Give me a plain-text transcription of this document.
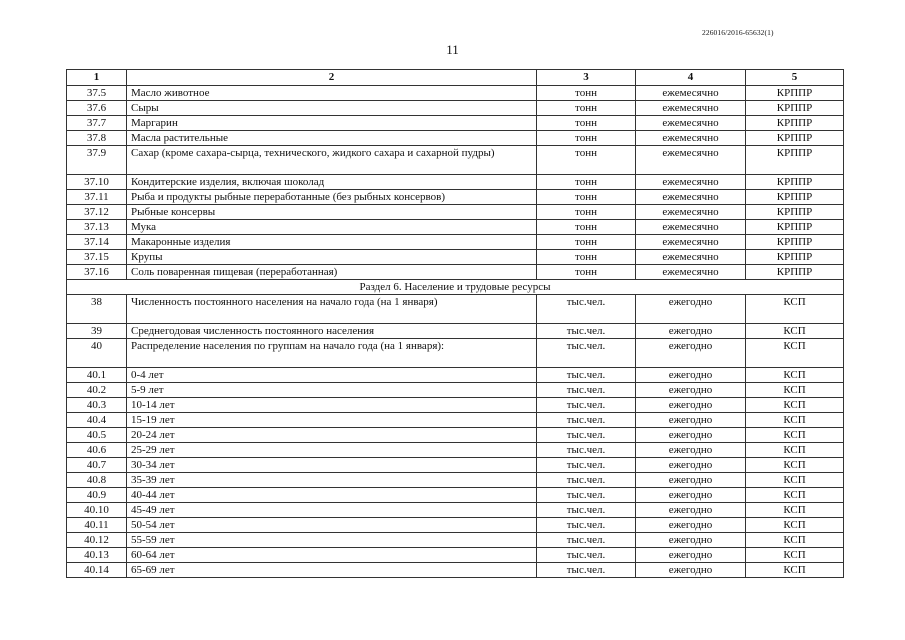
226016/2016-65632(1)
11
1	2	3	4	5
37.5	Масло животное	тонн	ежемесячно	КРППР
37.6	Сыры	тонн	ежемесячно	КРППР
37.7	Маргарин	тонн	ежемесячно	КРППР
37.8	Масла растительные	тонн	ежемесячно	КРППР
37.9	Сахар (кроме сахара-сырца, технического, жидкого сахара и сахарной пудры)	тонн	ежемесячно	КРППР
37.10	Кондитерские изделия, включая шоколад	тонн	ежемесячно	КРППР
37.11	Рыба и продукты рыбные переработанные (без рыбных консервов)	тонн	ежемесячно	КРППР
37.12	Рыбные консервы	тонн	ежемесячно	КРППР
37.13	Мука	тонн	ежемесячно	КРППР
37.14	Макаронные изделия	тонн	ежемесячно	КРППР
37.15	Крупы	тонн	ежемесячно	КРППР
37.16	Соль поваренная пищевая (переработанная)	тонн	ежемесячно	КРППР
Раздел 6. Население и трудовые ресурсы				
38	Численность постоянного населения на начало года (на 1 января)	тыс.чел.	ежегодно	КСП
39	Среднегодовая численность постоянного населения	тыс.чел.	ежегодно	КСП
40	Распределение населения по группам на начало года (на 1 января):	тыс.чел.	ежегодно	КСП
40.1	0-4 лет	тыс.чел.	ежегодно	КСП
40.2	5-9 лет	тыс.чел.	ежегодно	КСП
40.3	10-14 лет	тыс.чел.	ежегодно	КСП
40.4	15-19 лет	тыс.чел.	ежегодно	КСП
40.5	20-24 лет	тыс.чел.	ежегодно	КСП
40.6	25-29 лет	тыс.чел.	ежегодно	КСП
40.7	30-34 лет	тыс.чел.	ежегодно	КСП
40.8	35-39 лет	тыс.чел.	ежегодно	КСП
40.9	40-44 лет	тыс.чел.	ежегодно	КСП
40.10	45-49 лет	тыс.чел.	ежегодно	КСП
40.11	50-54 лет	тыс.чел.	ежегодно	КСП
40.12	55-59 лет	тыс.чел.	ежегодно	КСП
40.13	60-64 лет	тыс.чел.	ежегодно	КСП
40.14	65-69 лет	тыс.чел.	ежегодно	КСП
